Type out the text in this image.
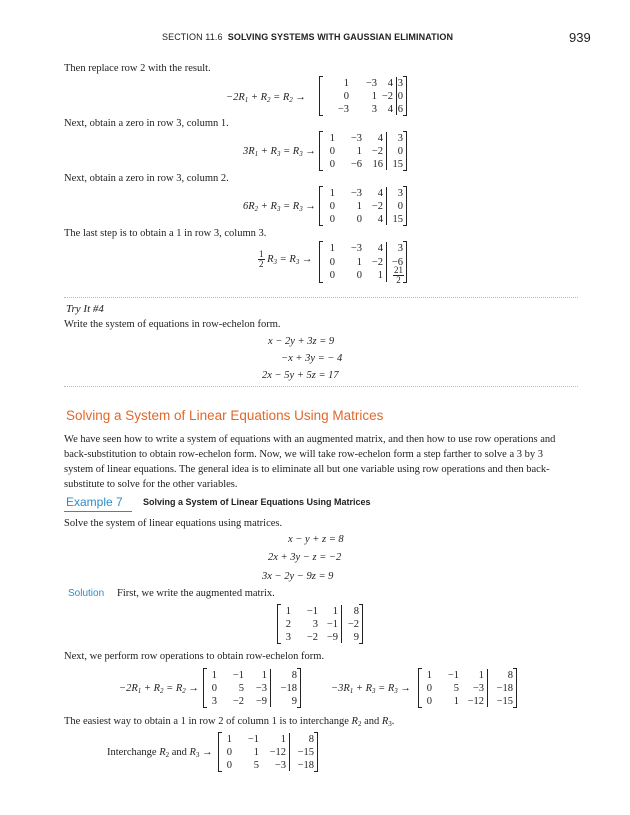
SECTION 11.6 SOLVING SYSTEMS WITH GAUSSIAN ELIMINATION	939
Then replace row 2 with the result.
$-2R_1 + R_2 = R_2$ →
1 −3 4 3
0 1 −2 0
−3 3 4 6
Next, obtain a zero in row 3, column 1.
$3R_1 + R_3 = R_3$ →
1 −3 4 3
0 1 −2 0
0 −6 16 15
Next, obtain a zero in row 3, column 2.
$6R_2 + R_3 = R_3$ →
1 −3 4 3
0 1 −2 0
0 0 4 15
The last step is to obtain a 1 in row 3, column 3.
$\frac{1}{2} R_3 = R_3$ →
1 −3 4 3
0 1 −2 −6
0 0 $1 \frac{21}{2}$
Try It #4
Write the system of equations in row-echelon form.
x − 2y + 3z = 9
−x + 3y = − 4
2x − 5y + 5z = 17
Solving a System of Linear Equations Using Matrices
We have seen how to write a system of equations with an augmented matrix, and then how to use row operations and
back-substitution to obtain row-echelon form. Now, we will take row-echelon form a step farther to solve a 3 by 3
system of linear equations. The general idea is to eliminate all but one variable using row operations and then back-
substitute to solve for the other variables.
Example 7 Solving a System of Linear Equations Using Matrices
Solve the system of linear equations using matrices.
x − y + z = 8
2x + 3y − z = −2
3x − 2y − 9z = 9
Solution First, we write the augmented matrix.
1 −1 1 8
2 3 −1 −2
3 −2 −9 9
Next, we perform row operations to obtain row-echelon form.
$-2R_1 + R_2 = R_2$ →
1 −1 1 8
0 5 −3 −18
3 −2 −9 9
$-3R_1 + R_3 = R_3$ →
1 −1 1 8
0 5 −3 −18
0 1 −12 −15
The easiest way to obtain a 1 in row 2 of column 1 is to interchange $R_2$ and $R_3$.
Interchange $R_2$ and $R_3$ →
1 −1 1 8
0 1 −12 −15
0 5 −3 −18
